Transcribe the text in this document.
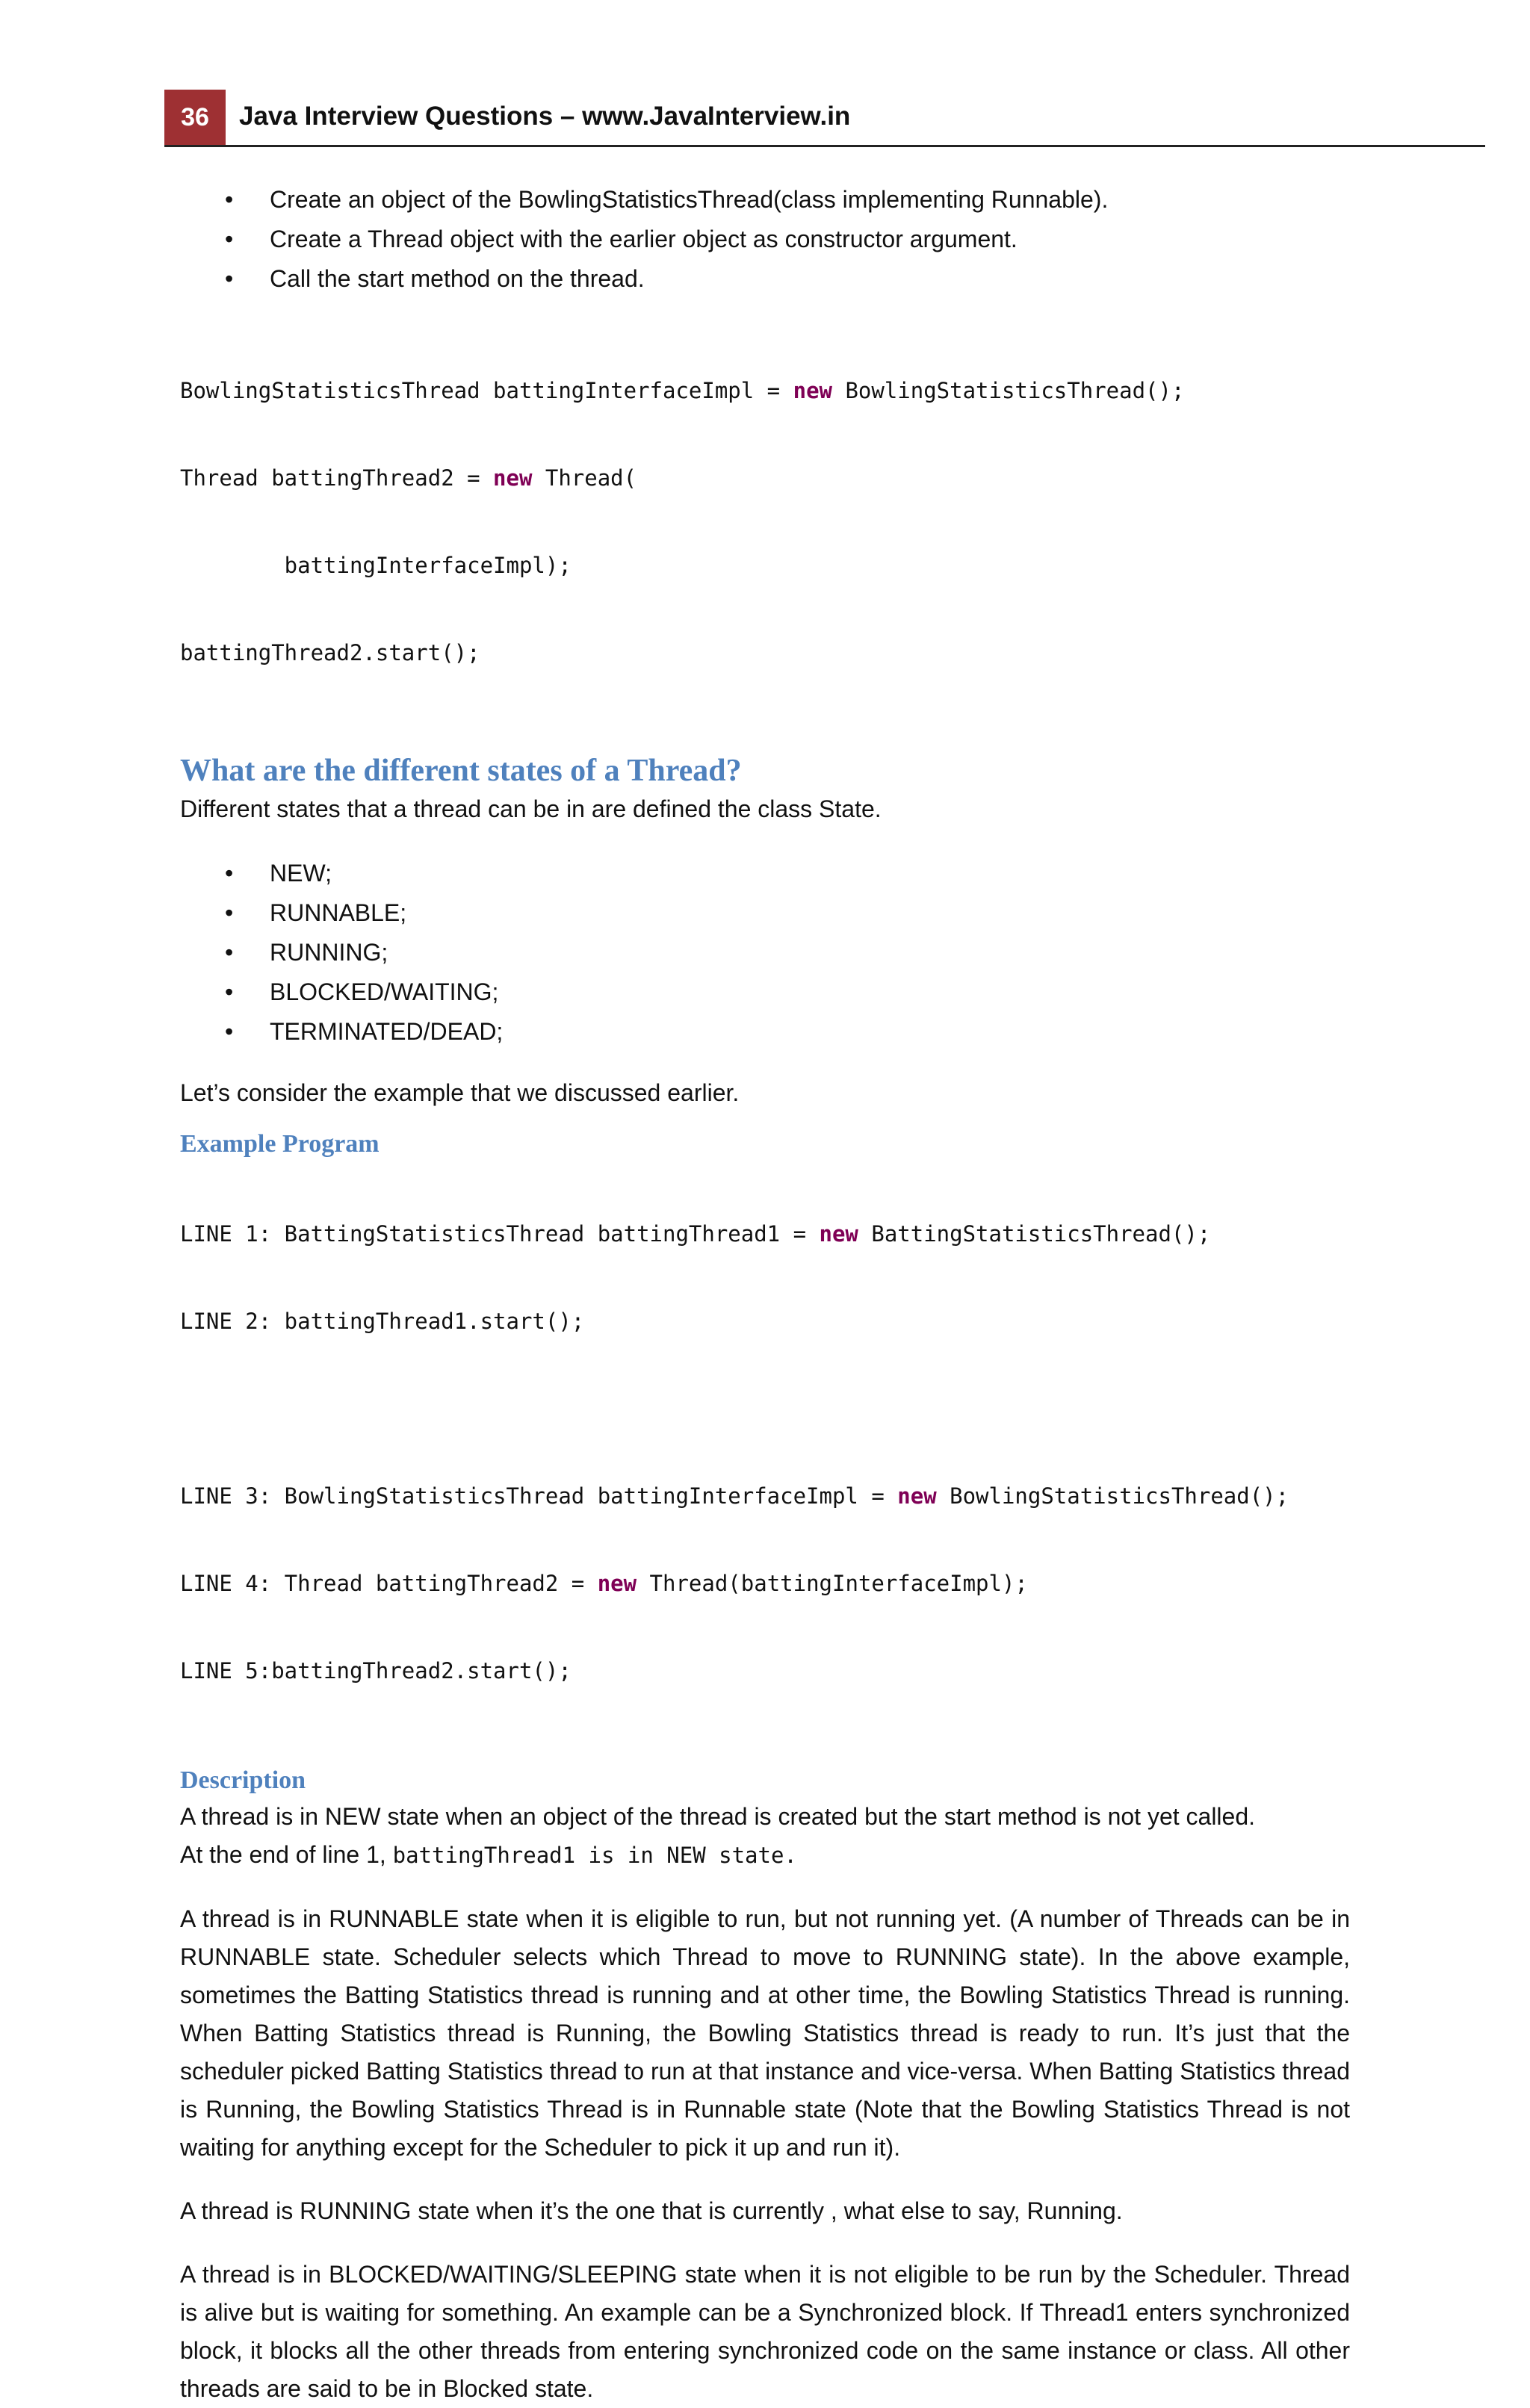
36	Java Interview Questions – www.JavaInterview.in
• Create an object of the BowlingStatisticsThread(class implementing Runnable).
• Create a Thread object with the earlier object as constructor argument.
• Call the start method on the thread.

BowlingStatisticsThread battingInterfaceImpl = new BowlingStatisticsThread();

Thread battingThread2 = new Thread(

battingInterfaceImpl);

battingThread2.start();

What are the different states of a Thread?
Different states that a thread can be in are defined the class State.
• NEW;
• RUNNABLE;
• RUNNING;
• BLOCKED/WAITING;
• TERMINATED/DEAD;
Let’s consider the example that we discussed earlier.
Example Program

LINE 1: BattingStatisticsThread battingThread1 = new BattingStatisticsThread();

LINE 2: battingThread1.start();

LINE 3: BowlingStatisticsThread battingInterfaceImpl = new BowlingStatisticsThread();

LINE 4: Thread battingThread2 = new Thread(battingInterfaceImpl);

LINE 5:battingThread2.start();

Description
A thread is in NEW state when an object of the thread is created but the start method is not yet called.
At the end of line 1, battingThread1 is in NEW state.
A thread is in RUNNABLE state when it is eligible to run, but not running yet. (A number of Threads can be in RUNNABLE state. Scheduler selects which Thread to move to RUNNING state). In the above example, sometimes the Batting Statistics thread is running and at other time, the Bowling Statistics Thread is running. When Batting Statistics thread is Running, the Bowling Statistics thread is ready to run. It’s just that the scheduler picked Batting Statistics thread to run at that instance and vice-versa. When Batting Statistics thread is Running, the Bowling Statistics Thread is in Runnable state (Note that the Bowling Statistics Thread is not waiting for anything except for the Scheduler to pick it up and run it).
A thread is RUNNING state when it’s the one that is currently , what else to say, Running.
A thread is in BLOCKED/WAITING/SLEEPING state when it is not eligible to be run by the Scheduler. Thread is alive but is waiting for something. An example can be a Synchronized block. If Thread1 enters synchronized block, it blocks all the other threads from entering synchronized code on the same instance or class. All other threads are said to be in Blocked state.
